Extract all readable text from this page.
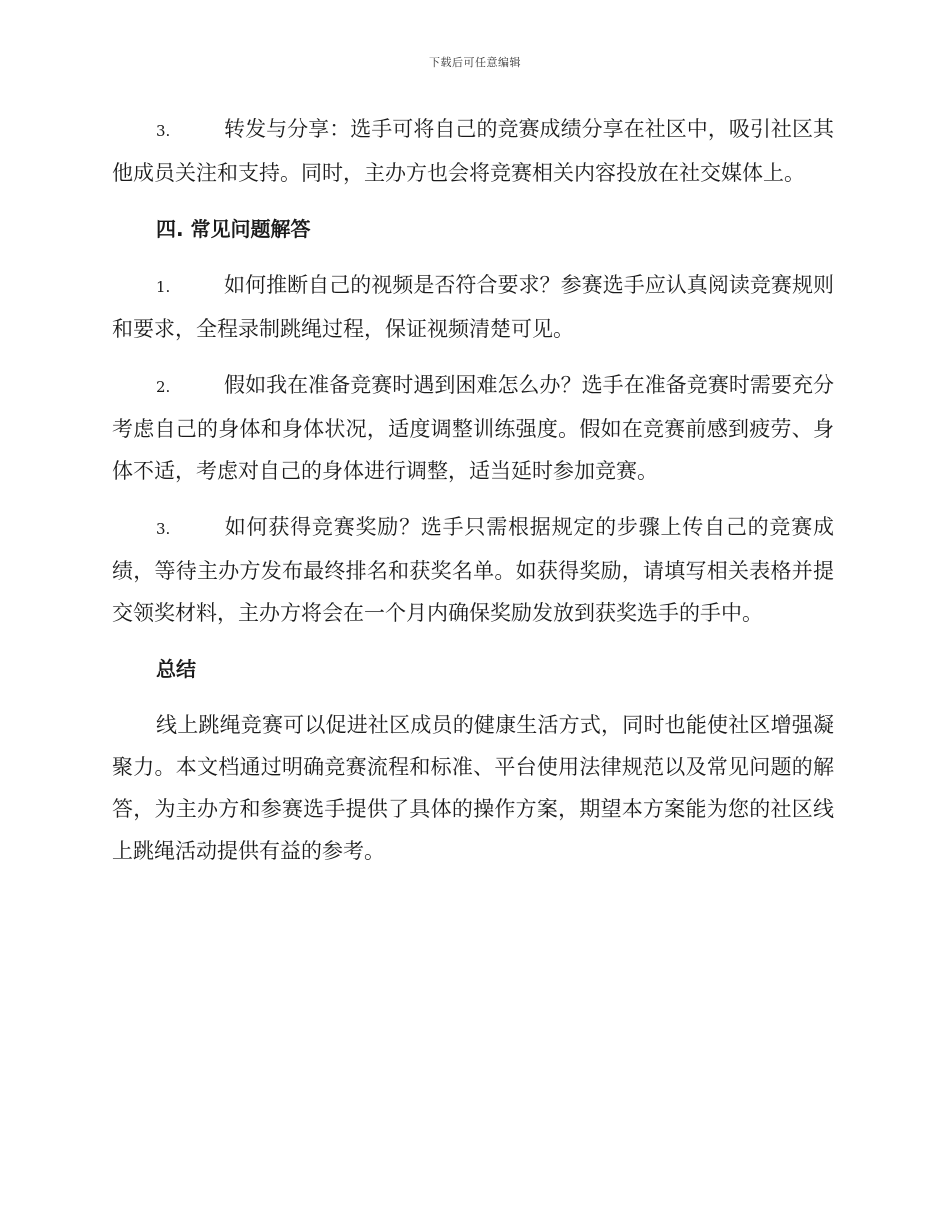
下载后可任意编辑

3.	转发与分享：选手可将自己的竞赛成绩分享在社区中，吸引社区其他成员关注和支持。同时，主办方也会将竞赛相关内容投放在社交媒体上。

四. 常见问题解答

1.	如何推断自己的视频是否符合要求？参赛选手应认真阅读竞赛规则和要求，全程录制跳绳过程，保证视频清楚可见。

2.	假如我在准备竞赛时遇到困难怎么办？选手在准备竞赛时需要充分考虑自己的身体和身体状况，适度调整训练强度。假如在竞赛前感到疲劳、身体不适，考虑对自己的身体进行调整，适当延时参加竞赛。

3.	如何获得竞赛奖励？选手只需根据规定的步骤上传自己的竞赛成绩，等待主办方发布最终排名和获奖名单。如获得奖励，请填写相关表格并提交领奖材料，主办方将会在一个月内确保奖励发放到获奖选手的手中。

总结

线上跳绳竞赛可以促进社区成员的健康生活方式，同时也能使社区增强凝聚力。本文档通过明确竞赛流程和标准、平台使用法律规范以及常见问题的解答，为主办方和参赛选手提供了具体的操作方案，期望本方案能为您的社区线上跳绳活动提供有益的参考。
